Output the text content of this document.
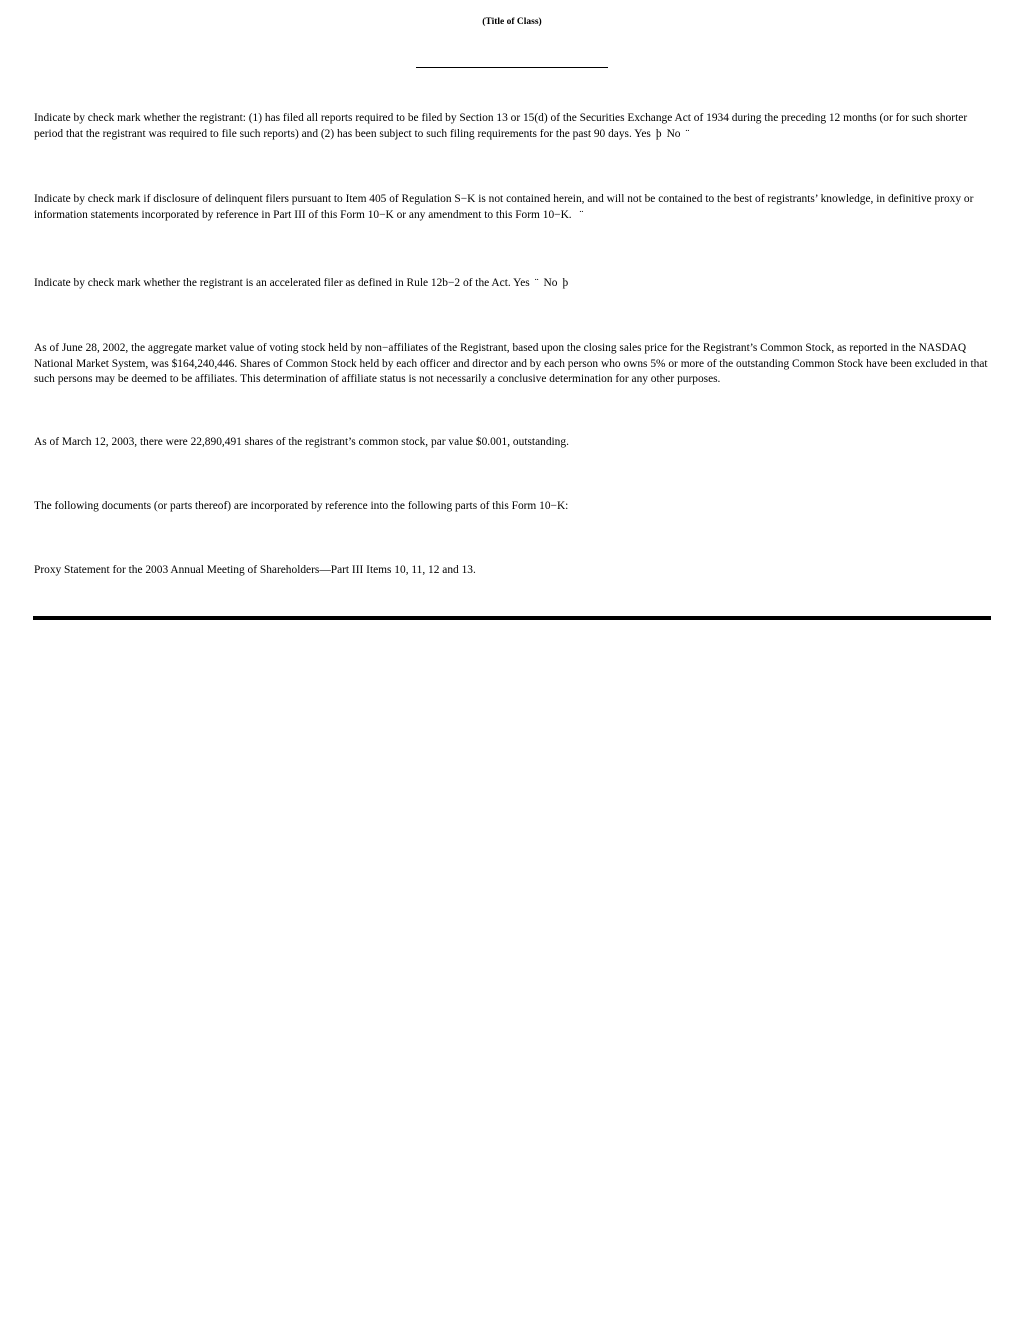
(Title of Class)

Indicate by check mark whether the registrant: (1) has filed all reports required to be filed by Section 13 or 15(d) of the Securities Exchange Act of 1934 during the preceding 12 months (or for such shorter period that the registrant was required to file such reports) and (2) has been subject to such filing requirements for the past 90 days. Yes þ No ¨

Indicate by check mark if disclosure of delinquent filers pursuant to Item 405 of Regulation S−K is not contained herein, and will not be contained to the best of registrants’ knowledge, in definitive proxy or information statements incorporated by reference in Part III of this Form 10−K or any amendment to this Form 10−K. ¨

Indicate by check mark whether the registrant is an accelerated filer as defined in Rule 12b−2 of the Act. Yes ¨ No þ

As of June 28, 2002, the aggregate market value of voting stock held by non−affiliates of the Registrant, based upon the closing sales price for the Registrant’s Common Stock, as reported in the NASDAQ National Market System, was $164,240,446. Shares of Common Stock held by each officer and director and by each person who owns 5% or more of the outstanding Common Stock have been excluded in that such persons may be deemed to be affiliates. This determination of affiliate status is not necessarily a conclusive determination for any other purposes.

As of March 12, 2003, there were 22,890,491 shares of the registrant’s common stock, par value $0.001, outstanding.

The following documents (or parts thereof) are incorporated by reference into the following parts of this Form 10−K:

Proxy Statement for the 2003 Annual Meeting of Shareholders—Part III Items 10, 11, 12 and 13.
